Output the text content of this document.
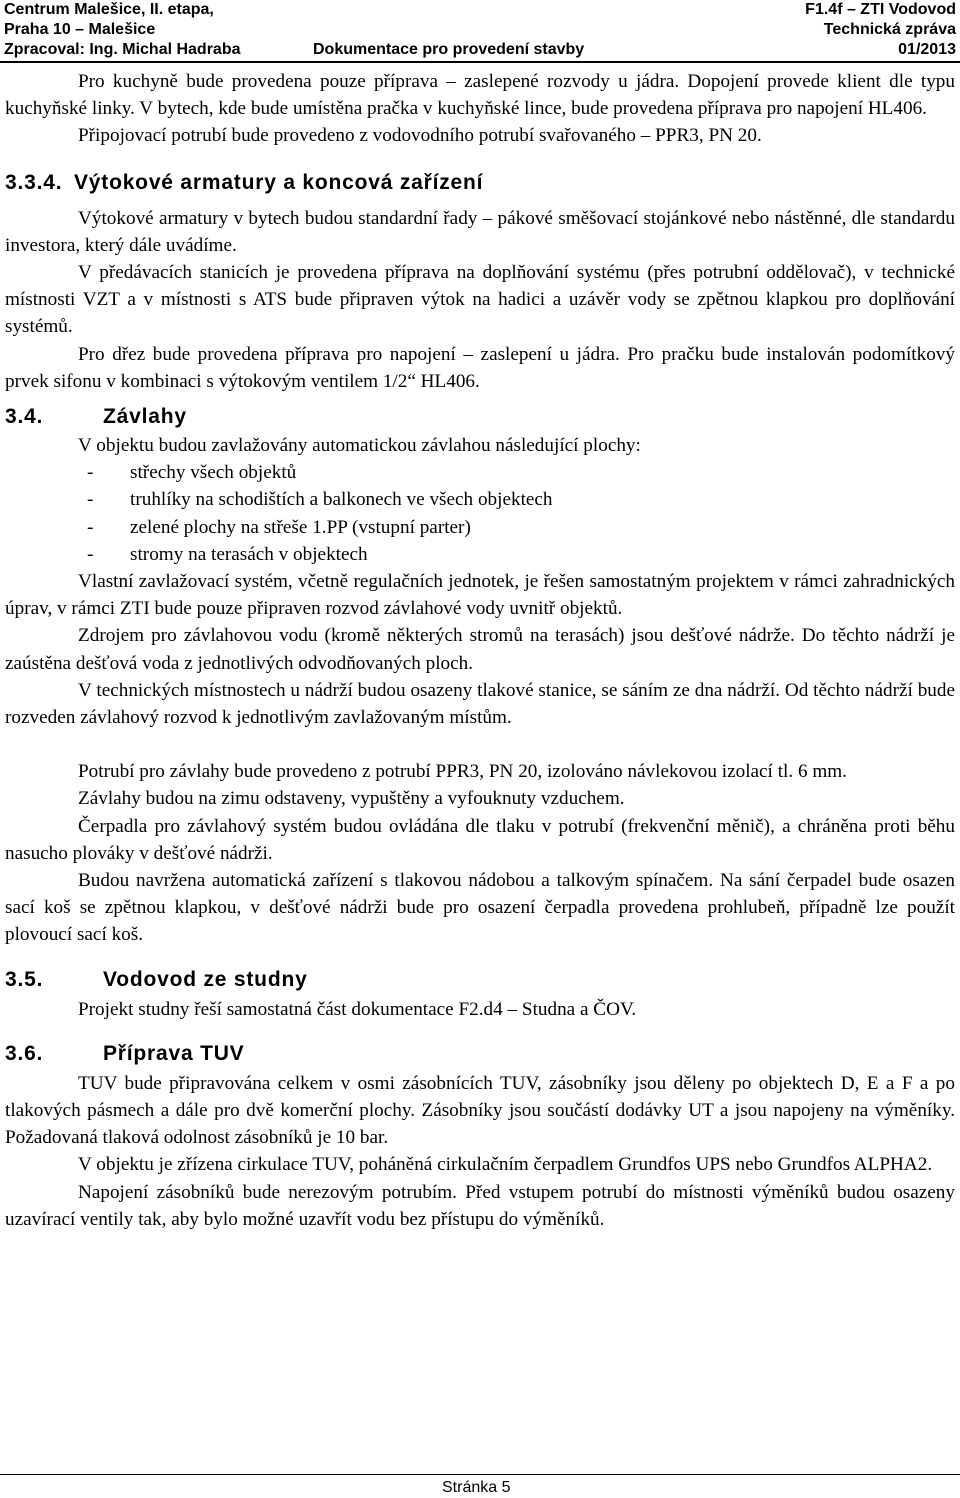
Centrum Malešice, II. etapa,	F1.4f – ZTI Vodovod
Praha 10 – Malešice	Technická zpráva
Zpracoval: Ing. Michal Hadraba	Dokumentace pro provedení stavby	01/2013

Pro kuchyně bude provedena pouze příprava – zaslepené rozvody u jádra. Dopojení provede klient dle typu kuchyňské linky. V bytech, kde bude umístěna pračka v kuchyňské lince, bude provedena příprava pro napojení HL406.

Připojovací potrubí bude provedeno z vodovodního potrubí svařovaného – PPR3, PN 20.

3.3.4. Výtokové armatury a koncová zařízení

Výtokové armatury v bytech budou standardní řady – pákové směšovací stojánkové nebo nástěnné, dle standardu investora, který dále uvádíme.

V předávacích stanicích je provedena příprava na doplňování systému (přes potrubní oddělovač), v technické místnosti VZT a v místnosti s ATS bude připraven výtok na hadici a uzávěr vody se zpětnou klapkou pro doplňování systémů.

Pro dřez bude provedena příprava pro napojení – zaslepení u jádra. Pro pračku bude instalován podomítkový prvek sifonu v kombinaci s výtokovým ventilem 1/2“ HL406.

3.4.	Závlahy

V objektu budou zavlažovány automatickou závlahou následující plochy:

- střechy všech objektů
- truhlíky na schodištích a balkonech ve všech objektech
- zelené plochy na střeše 1.PP (vstupní parter)
- stromy na terasách v objektech

Vlastní zavlažovací systém, včetně regulačních jednotek, je řešen samostatným projektem v rámci zahradnických úprav, v rámci ZTI bude pouze připraven rozvod závlahové vody uvnitř objektů.

Zdrojem pro závlahovou vodu (kromě některých stromů na terasách) jsou dešťové nádrže. Do těchto nádrží je zaústěna dešťová voda z jednotlivých odvodňovaných ploch.

V technických místnostech u nádrží budou osazeny tlakové stanice, se sáním ze dna nádrží. Od těchto nádrží bude rozveden závlahový rozvod k jednotlivým zavlažovaným místům.

Potrubí pro závlahy bude provedeno z potrubí PPR3, PN 20, izolováno návlekovou izolací tl. 6 mm.

Závlahy budou na zimu odstaveny, vypuštěny a vyfouknuty vzduchem.

Čerpadla pro závlahový systém budou ovládána dle tlaku v potrubí (frekvenční měnič), a chráněna proti běhu nasucho plováky v dešťové nádrži.

Budou navržena automatická zařízení s tlakovou nádobou a talkovým spínačem. Na sání čerpadel bude osazen sací koš se zpětnou klapkou, v dešťové nádrži bude pro osazení čerpadla provedena prohlubeň, případně lze použít plovoucí sací koš.

3.5.	Vodovod ze studny

Projekt studny řeší samostatná část dokumentace F2.d4 – Studna a ČOV.

3.6.	Příprava TUV

TUV bude připravována celkem v osmi zásobnících TUV, zásobníky jsou děleny po objektech D, E a F a po tlakových pásmech a dále pro dvě komerční plochy. Zásobníky jsou součástí dodávky UT a jsou napojeny na výměníky. Požadovaná tlaková odolnost zásobníků je 10 bar.

V objektu je zřízena cirkulace TUV, poháněná cirkulačním čerpadlem Grundfos UPS nebo Grundfos ALPHA2.

Napojení zásobníků bude nerezovým potrubím. Před vstupem potrubí do místnosti výměníků budou osazeny uzavírací ventily tak, aby bylo možné uzavřít vodu bez přístupu do výměníků.

Stránka 5
